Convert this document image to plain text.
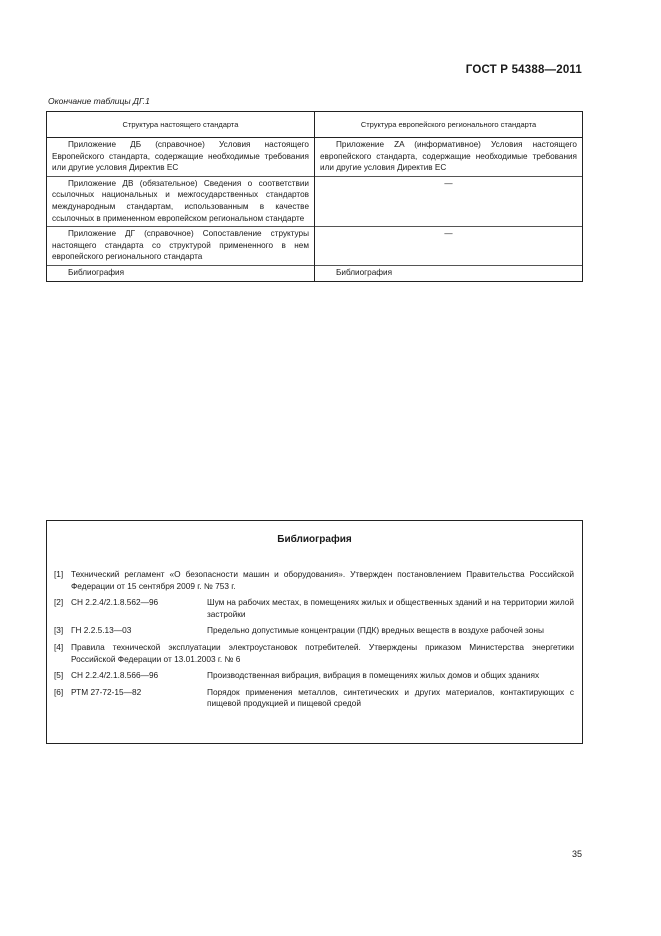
ГОСТ Р 54388—2011
Окончание таблицы ДГ.1
Структура настоящего стандарта	Структура европейского регионального стандарта
Приложение ДБ (справочное) Условия настоящего Европейского стандарта, содержащие необходимые требования или другие условия Директив ЕС	Приложение ZA (информативное) Условия настоящего европейского стандарта, содержащие необходимые требования или другие условия Директив ЕС
Приложение ДВ (обязательное) Сведения о соответствии ссылочных национальных и межгосударственных стандартов международным стандартам, использованным в качестве ссылочных в примененном европейском региональном стандарте	—
Приложение ДГ (справочное) Сопоставление структуры настоящего стандарта со структурой примененного в нем европейского регионального стандарта	—
Библиография	Библиография
Библиография
[1] Технический регламент «О безопасности машин и оборудования». Утвержден постановлением Правительства Российской Федерации от 15 сентября 2009 г. № 753 г.
[2] СН 2.2.4/2.1.8.562—96	Шум на рабочих местах, в помещениях жилых и общественных зданий и на территории жилой застройки
[3] ГН 2.2.5.13—03	Предельно допустимые концентрации (ПДК) вредных веществ в воздухе рабочей зоны
[4] Правила технической эксплуатации электроустановок потребителей. Утверждены приказом Министерства энергетики Российской Федерации от 13.01.2003 г. № 6
[5] СН 2.2.4/2.1.8.566—96	Производственная вибрация, вибрация в помещениях жилых домов и общих зданиях
[6] РТМ 27-72-15—82	Порядок применения металлов, синтетических и других материалов, контактирующих с пищевой продукцией и пищевой средой
35
